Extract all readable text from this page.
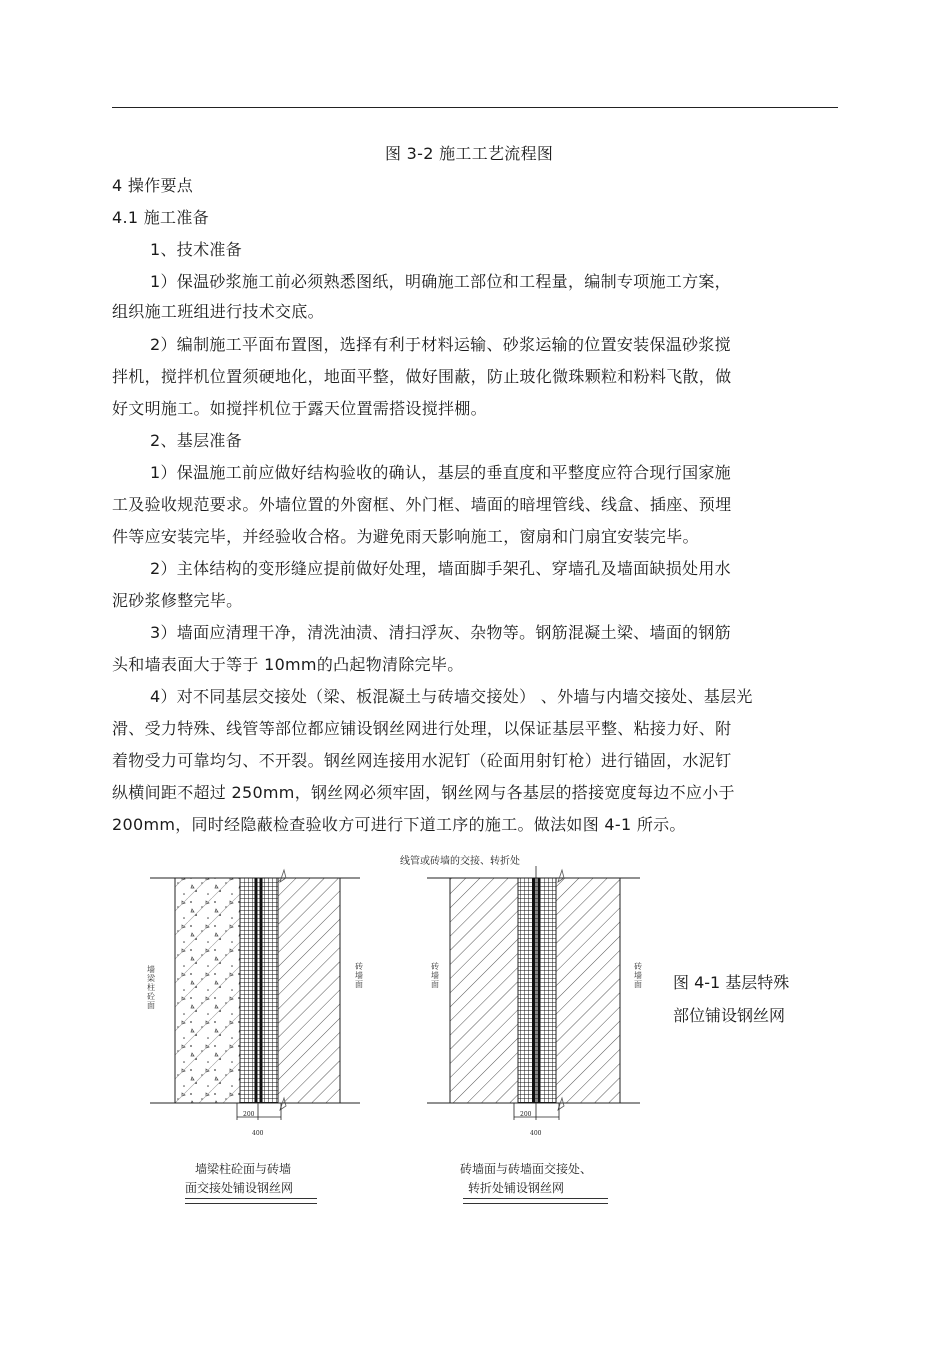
图 3-2 施工工艺流程图
4 操作要点
4.1 施工准备
1、技术准备
1）保温砂浆施工前必须熟悉图纸，明确施工部位和工程量，编制专项施工方案，
组织施工班组进行技术交底。
2）编制施工平面布置图，选择有利于材料运输、砂浆运输的位置安装保温砂浆搅
拌机，搅拌机位置须硬地化，地面平整，做好围蔽，防止玻化微珠颗粒和粉料飞散，做
好文明施工。如搅拌机位于露天位置需搭设搅拌棚。
2、基层准备
1）保温施工前应做好结构验收的确认，基层的垂直度和平整度应符合现行国家施
工及验收规范要求。外墙位置的外窗框、外门框、墙面的暗埋管线、线盒、插座、预埋
件等应安装完毕，并经验收合格。为避免雨天影响施工，窗扇和门扇宜安装完毕。
2）主体结构的变形缝应提前做好处理，墙面脚手架孔、穿墙孔及墙面缺损处用水
泥砂浆修整完毕。
3）墙面应清理干净，清洗油渍、清扫浮灰、杂物等。钢筋混凝土梁、墙面的钢筋
头和墙表面大于等于 10mm的凸起物清除完毕。
4）对不同基层交接处（梁、板混凝土与砖墙交接处） 、外墙与内墙交接处、基层光
滑、受力特殊、线管等部位都应铺设钢丝网进行处理，以保证基层平整、粘接力好、附
着物受力可靠均匀、不开裂。钢丝网连接用水泥钉（砼面用射钉枪）进行锚固，水泥钉
纵横间距不超过 250mm，钢丝网必须牢固，钢丝网与各基层的搭接宽度每边不应小于
200mm，同时经隐蔽检查验收方可进行下道工序的施工。做法如图 4-1 所示。
线管或砖墙的交接、转折处
墙梁柱砼面
砖墙面
砖墙面
砖墙面
200
400
200
400
图 4-1 基层特殊
部位铺设钢丝网
墙梁柱砼面与砖墙
面交接处铺设钢丝网
砖墙面与砖墙面交接处、
转折处铺设钢丝网
